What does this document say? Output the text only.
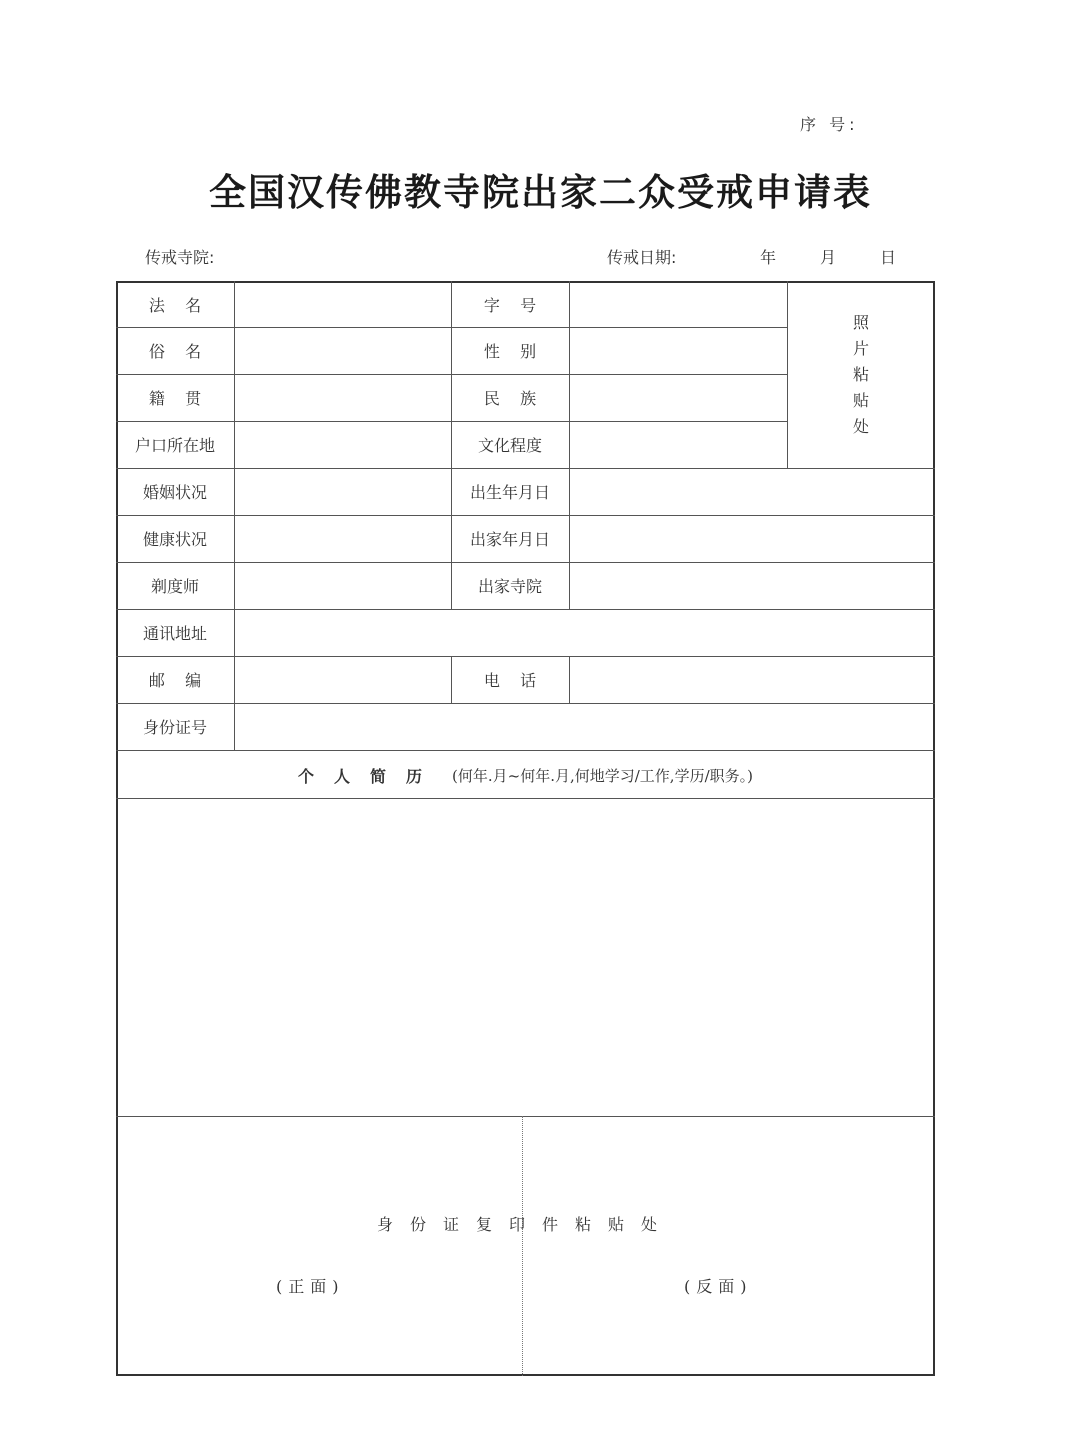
序 号:
全国汉传佛教寺院出家二众受戒申请表
传戒寺院:	传戒日期:	年	月	日
法    名	字    号
俗    名	性    别
籍    贯	民    族
户口所在地	文化程度
婚姻状况	出生年月日
健康状况	出家年月日
剃度师	出家寺院
通讯地址
邮    编	电    话
身份证号
照
片
粘
贴
处
个人简历 (何年.月~何年.月,何地学习/工作,学历/职务。)
身份证复印件粘贴处
(正面)	(反面)
